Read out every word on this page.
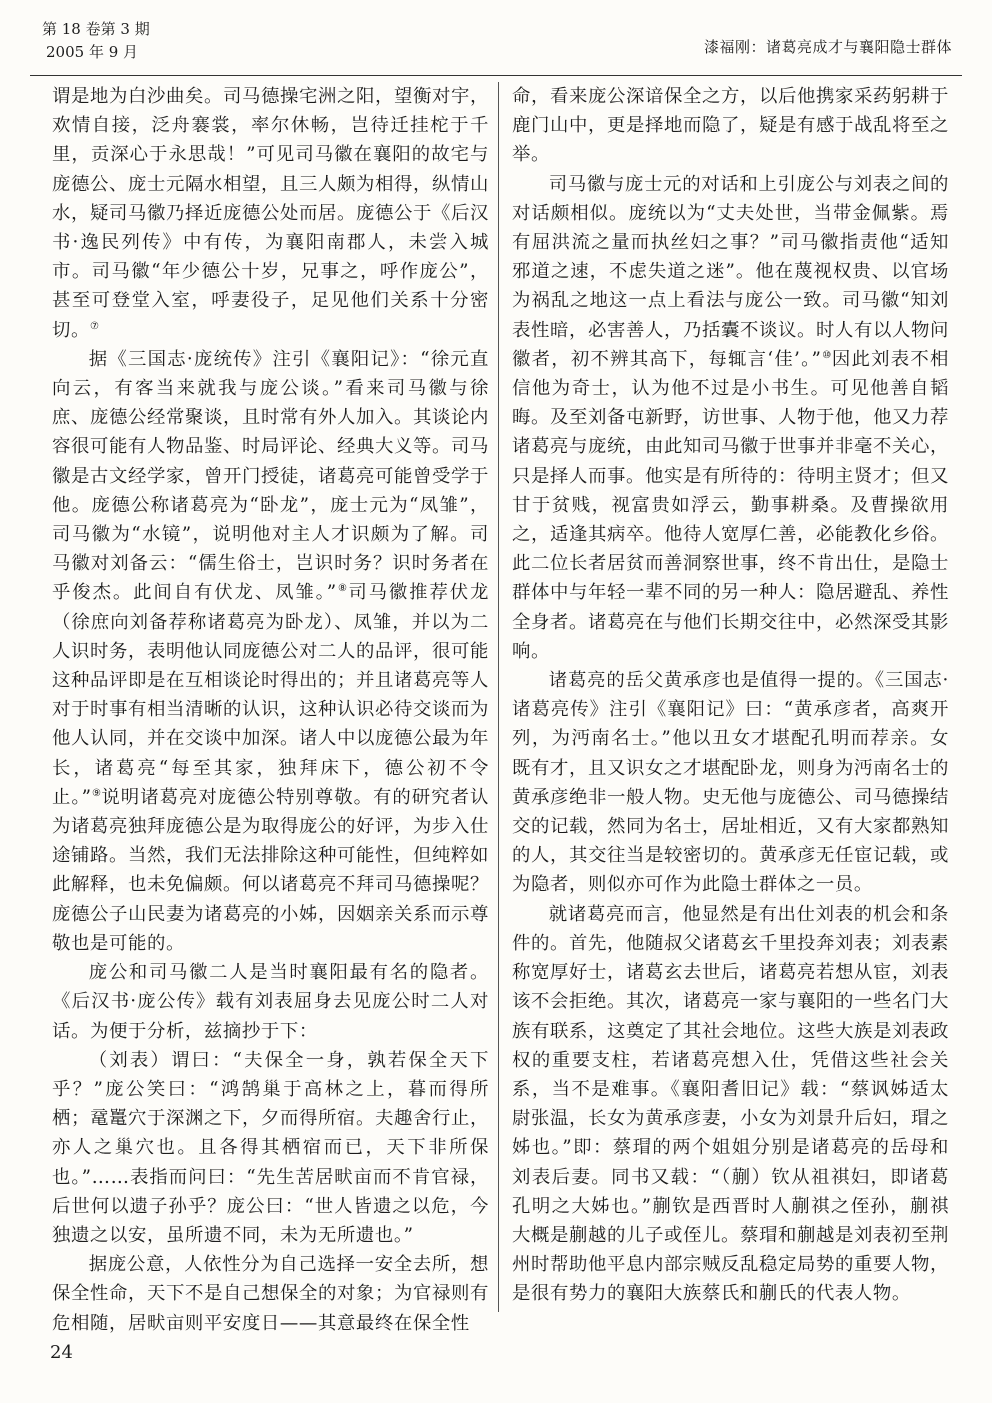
第 18 卷第 3 期
2005 年 9 月	漆福刚：诸葛亮成才与襄阳隐士群体

谓是地为白沙曲矣。司马德操宅洲之阳，望衡对宇，欢情自接，泛舟褰裳，率尔休畅，岂待迁挂柁于千里，贡深心于永思哉！”可见司马徽在襄阳的故宅与庞德公、庞士元隔水相望，且三人颇为相得，纵情山水，疑司马徽乃择近庞德公处而居。庞德公于《后汉书·逸民列传》中有传，为襄阳南郡人，未尝入城市。司马徽“年少德公十岁，兄事之，呼作庞公”，甚至可登堂入室，呼妻役子，足见他们关系十分密切。⑦

据《三国志·庞统传》注引《襄阳记》：“徐元直向云，有客当来就我与庞公谈。”看来司马徽与徐庶、庞德公经常聚谈，且时常有外人加入。其谈论内容很可能有人物品鉴、时局评论、经典大义等。司马徽是古文经学家，曾开门授徒，诸葛亮可能曾受学于他。庞德公称诸葛亮为“卧龙”，庞士元为“凤雏”，司马徽为“水镜”，说明他对主人才识颇为了解。司马徽对刘备云：“儒生俗士，岂识时务？识时务者在乎俊杰。此间自有伏龙、凤雏。”⑧司马徽推荐伏龙（徐庶向刘备荐称诸葛亮为卧龙）、凤雏，并以为二人识时务，表明他认同庞德公对二人的品评，很可能这种品评即是在互相谈论时得出的；并且诸葛亮等人对于时事有相当清晰的认识，这种认识必待交谈而为他人认同，并在交谈中加深。诸人中以庞德公最为年长，诸葛亮“每至其家，独拜床下，德公初不令止。”⑨说明诸葛亮对庞德公特别尊敬。有的研究者认为诸葛亮独拜庞德公是为取得庞公的好评，为步入仕途铺路。当然，我们无法排除这种可能性，但纯粹如此解释，也未免偏颇。何以诸葛亮不拜司马德操呢？庞德公子山民妻为诸葛亮的小姊，因姻亲关系而示尊敬也是可能的。

庞公和司马徽二人是当时襄阳最有名的隐者。《后汉书·庞公传》载有刘表屈身去见庞公时二人对话。为便于分析，兹摘抄于下：

（刘表）谓曰：“夫保全一身，孰若保全天下乎？”庞公笑曰：“鸿鹄巢于高林之上，暮而得所栖；鼋鼍穴于深渊之下，夕而得所宿。夫趣舍行止，亦人之巢穴也。且各得其栖宿而已，天下非所保也。”……表指而问曰：“先生苦居畎亩而不肯官禄，后世何以遗子孙乎？庞公曰：“世人皆遗之以危，今独遗之以安，虽所遗不同，未为无所遗也。”

据庞公意，人依性分为自己选择一安全去所，想保全性命，天下不是自己想保全的对象；为官禄则有危相随，居畎亩则平安度日——其意最终在保全性

命，看来庞公深谙保全之方，以后他携家采药躬耕于鹿门山中，更是择地而隐了，疑是有感于战乱将至之举。

司马徽与庞士元的对话和上引庞公与刘表之间的对话颇相似。庞统以为“丈夫处世，当带金佩紫。焉有屈洪流之量而执丝妇之事？”司马徽指责他“适知邪道之速，不虑失道之迷”。他在蔑视权贵、以官场为祸乱之地这一点上看法与庞公一致。司马徽“知刘表性暗，必害善人，乃括囊不谈议。时人有以人物问徽者，初不辨其高下，每辄言‘佳’。”⑩因此刘表不相信他为奇士，认为他不过是小书生。可见他善自韬晦。及至刘备屯新野，访世事、人物于他，他又力荐诸葛亮与庞统，由此知司马徽于世事并非毫不关心，只是择人而事。他实是有所待的：待明主贤才；但又甘于贫贱，视富贵如浮云，勤事耕桑。及曹操欲用之，适逢其病卒。他待人宽厚仁善，必能教化乡俗。此二位长者居贫而善洞察世事，终不肯出仕，是隐士群体中与年轻一辈不同的另一种人：隐居避乱、养性全身者。诸葛亮在与他们长期交往中，必然深受其影响。

诸葛亮的岳父黄承彦也是值得一提的。《三国志·诸葛亮传》注引《襄阳记》曰：“黄承彦者，高爽开列，为沔南名士。”他以丑女才堪配孔明而荐亲。女既有才，且又识女之才堪配卧龙，则身为沔南名士的黄承彦绝非一般人物。史无他与庞德公、司马德操结交的记载，然同为名士，居址相近，又有大家都熟知的人，其交往当是较密切的。黄承彦无任宦记载，或为隐者，则似亦可作为此隐士群体之一员。

就诸葛亮而言，他显然是有出仕刘表的机会和条件的。首先，他随叔父诸葛玄千里投奔刘表；刘表素称宽厚好士，诸葛玄去世后，诸葛亮若想从宦，刘表该不会拒绝。其次，诸葛亮一家与襄阳的一些名门大族有联系，这奠定了其社会地位。这些大族是刘表政权的重要支柱，若诸葛亮想入仕，凭借这些社会关系，当不是难事。《襄阳耆旧记》载：“蔡讽姊适太尉张温，长女为黄承彦妻，小女为刘景升后妇，瑁之姊也。”即：蔡瑁的两个姐姐分别是诸葛亮的岳母和刘表后妻。同书又载：“（蒯）钦从祖祺妇，即诸葛孔明之大姊也。”蒯钦是西晋时人蒯祺之侄孙，蒯祺大概是蒯越的儿子或侄儿。蔡瑁和蒯越是刘表初至荆州时帮助他平息内部宗贼反乱稳定局势的重要人物，是很有势力的襄阳大族蔡氏和蒯氏的代表人物。

24
